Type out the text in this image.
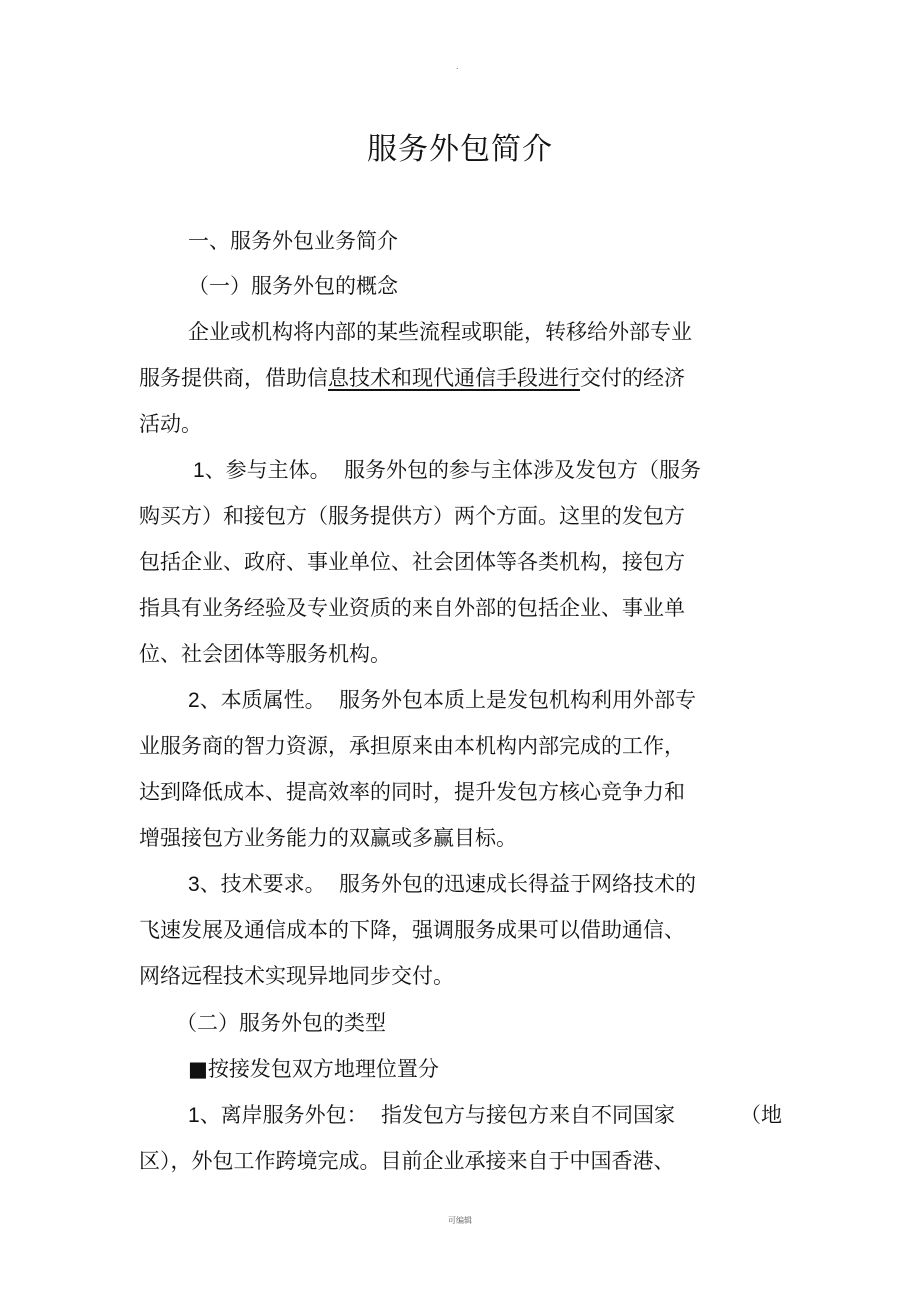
.
服务外包简介
一、服务外包业务简介
（一）服务外包的概念
企业或机构将内部的某些流程或职能，转移给外部专业
服务提供商，借助信息技术和现代通信手段进行交付的经济
活动。
1、参与主体。  服务外包的参与主体涉及发包方（服务
购买方）和接包方（服务提供方）两个方面。这里的发包方
包括企业、政府、事业单位、社会团体等各类机构，接包方
指具有业务经验及专业资质的来自外部的包括企业、事业单
位、社会团体等服务机构。
2、本质属性。  服务外包本质上是发包机构利用外部专
业服务商的智力资源，承担原来由本机构内部完成的工作，
达到降低成本、提高效率的同时，提升发包方核心竞争力和
增强接包方业务能力的双赢或多赢目标。
3、技术要求。  服务外包的迅速成长得益于网络技术的
飞速发展及通信成本的下降，强调服务成果可以借助通信、
网络远程技术实现异地同步交付。
（二）服务外包的类型
■按接发包双方地理位置分
1、离岸服务外包：  指发包方与接包方来自不同国家	（地
区），外包工作跨境完成。目前企业承接来自于中国香港、
可编辑
